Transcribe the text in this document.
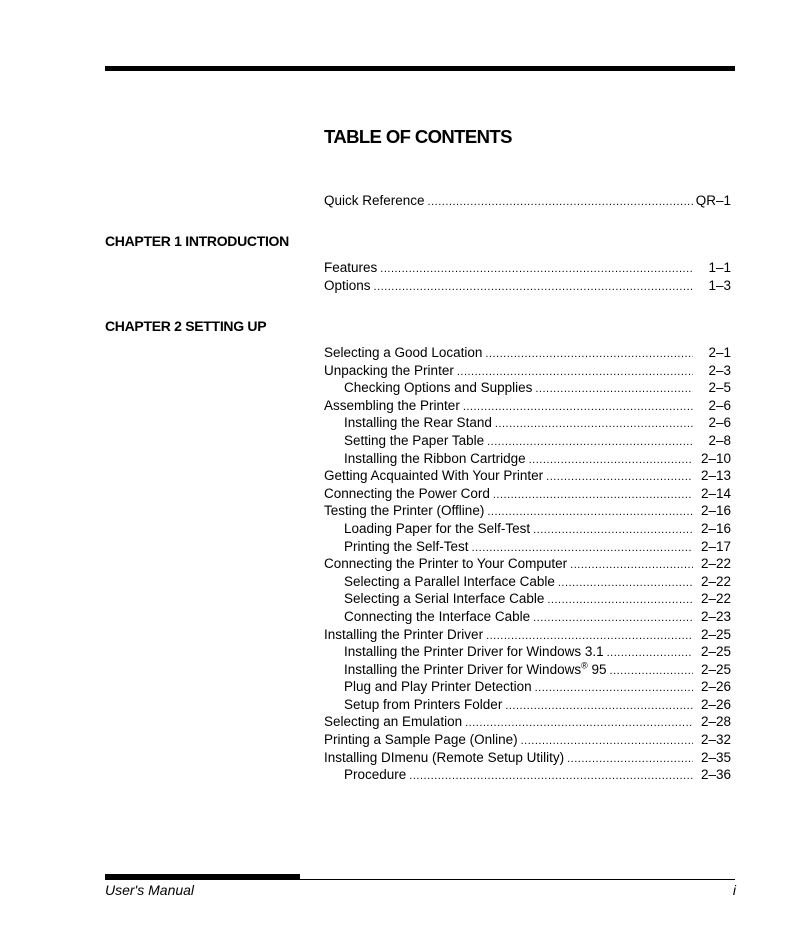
TABLE OF CONTENTS
Quick Reference .....	QR–1
CHAPTER 1 INTRODUCTION
Features .....	1–1
Options .....	1–3
CHAPTER 2 SETTING UP
Selecting a Good Location .....	2–1
Unpacking the Printer .....	2–3
Checking Options and Supplies .....	2–5
Assembling the Printer .....	2–6
Installing the Rear Stand .....	2–6
Setting the Paper Table .....	2–8
Installing the Ribbon Cartridge .....	2–10
Getting Acquainted With Your Printer .....	2–13
Connecting the Power Cord .....	2–14
Testing the Printer (Offline) .....	2–16
Loading Paper for the Self-Test .....	2–16
Printing the Self-Test .....	2–17
Connecting the Printer to Your Computer .....	2–22
Selecting a Parallel Interface Cable .....	2–22
Selecting a Serial Interface Cable .....	2–22
Connecting the Interface Cable .....	2–23
Installing the Printer Driver .....	2–25
Installing the Printer Driver for Windows 3.1 .....	2–25
Installing the Printer Driver for Windows® 95 .....	2–25
Plug and Play Printer Detection .....	2–26
Setup from Printers Folder .....	2–26
Selecting an Emulation .....	2–28
Printing a Sample Page (Online) .....	2–32
Installing DImenu (Remote Setup Utility) .....	2–35
Procedure .....	2–36
User's Manual	i
